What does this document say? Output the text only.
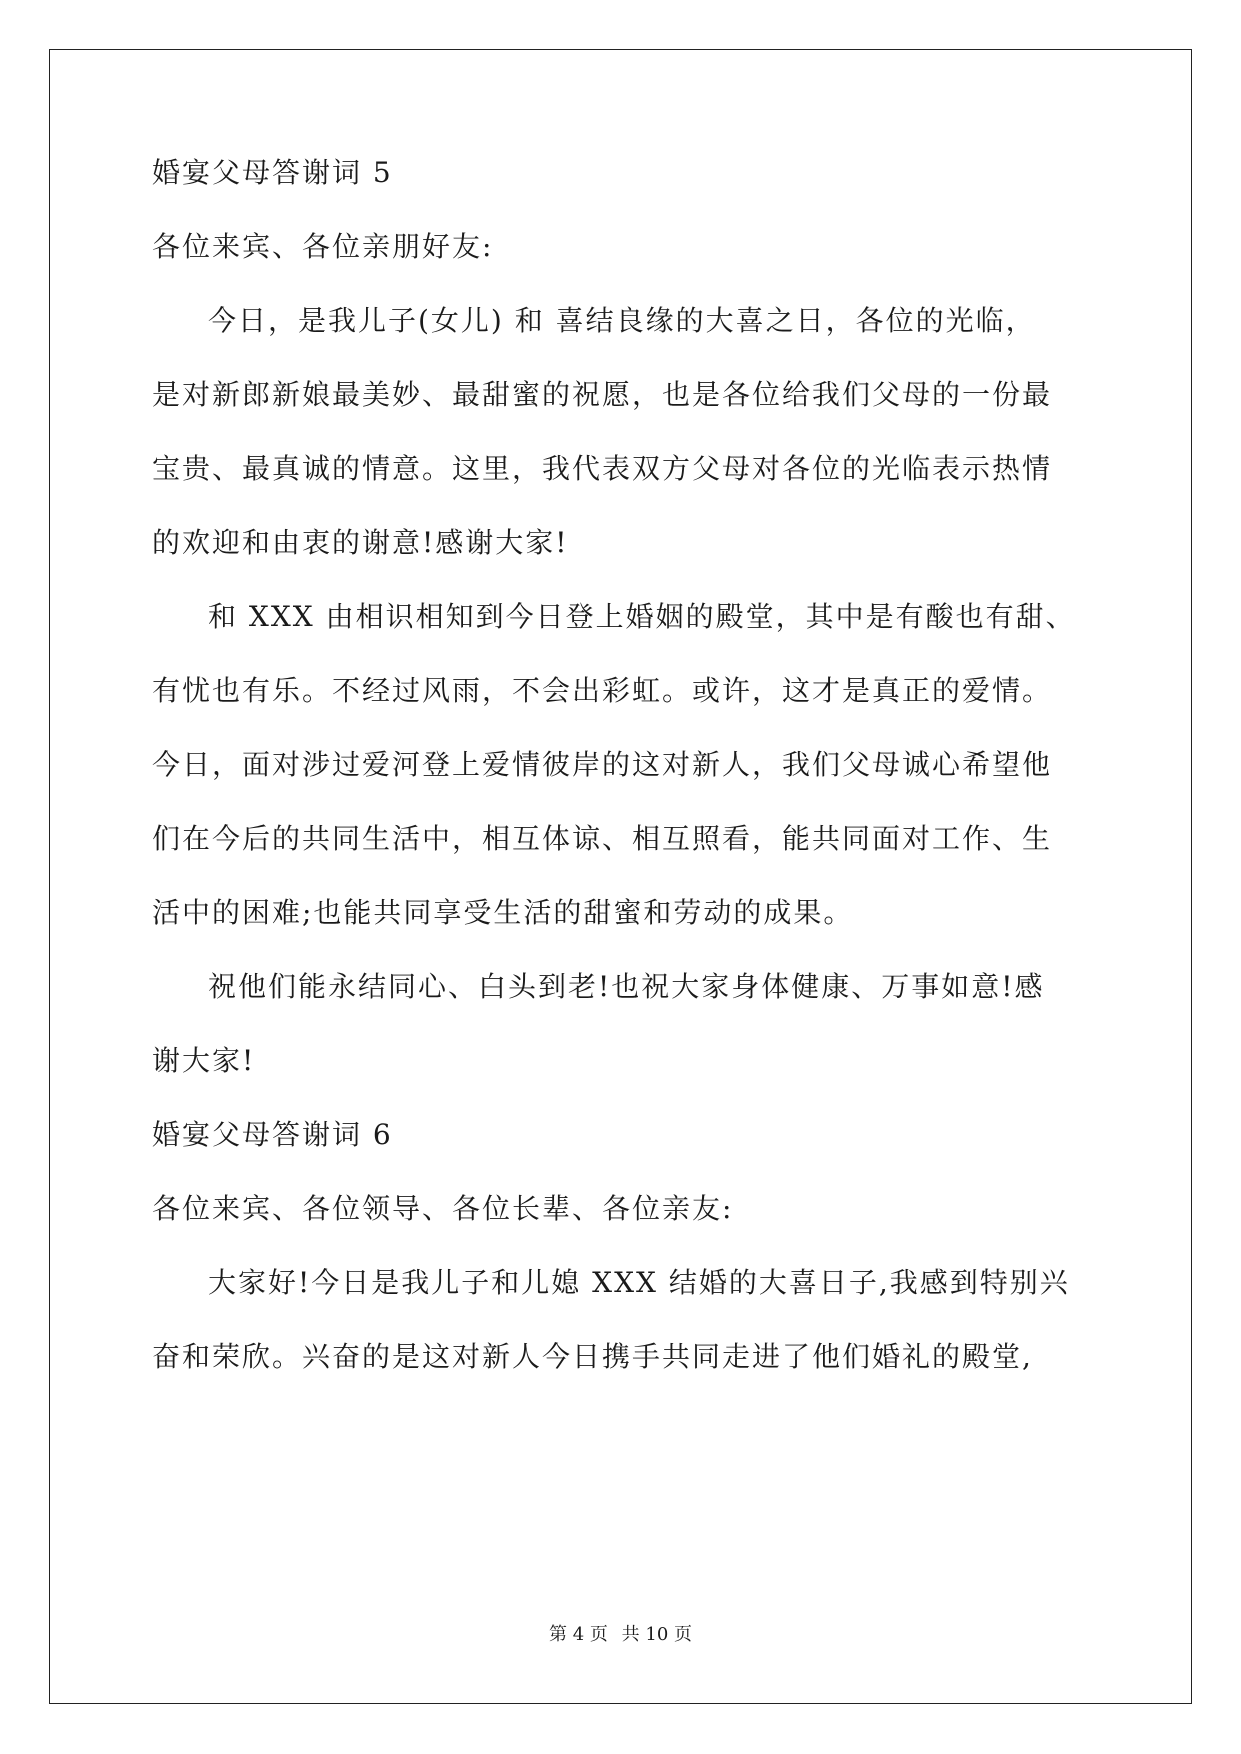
婚宴父母答谢词 5
各位来宾、各位亲朋好友:
今日，是我儿子(女儿) 和 喜结良缘的大喜之日，各位的光临，
是对新郎新娘最美妙、最甜蜜的祝愿，也是各位给我们父母的一份最
宝贵、最真诚的情意。这里，我代表双方父母对各位的光临表示热情
的欢迎和由衷的谢意!感谢大家!
和 XXX 由相识相知到今日登上婚姻的殿堂，其中是有酸也有甜、
有忧也有乐。不经过风雨，不会出彩虹。或许，这才是真正的爱情。
今日，面对涉过爱河登上爱情彼岸的这对新人，我们父母诚心希望他
们在今后的共同生活中，相互体谅、相互照看，能共同面对工作、生
活中的困难;也能共同享受生活的甜蜜和劳动的成果。
祝他们能永结同心、白头到老!也祝大家身体健康、万事如意!感
谢大家!
婚宴父母答谢词 6
各位来宾、各位领导、各位长辈、各位亲友:
大家好!今日是我儿子和儿媳 XXX 结婚的大喜日子,我感到特别兴
奋和荣欣。兴奋的是这对新人今日携手共同走进了他们婚礼的殿堂,
第 4 页 共 10 页
